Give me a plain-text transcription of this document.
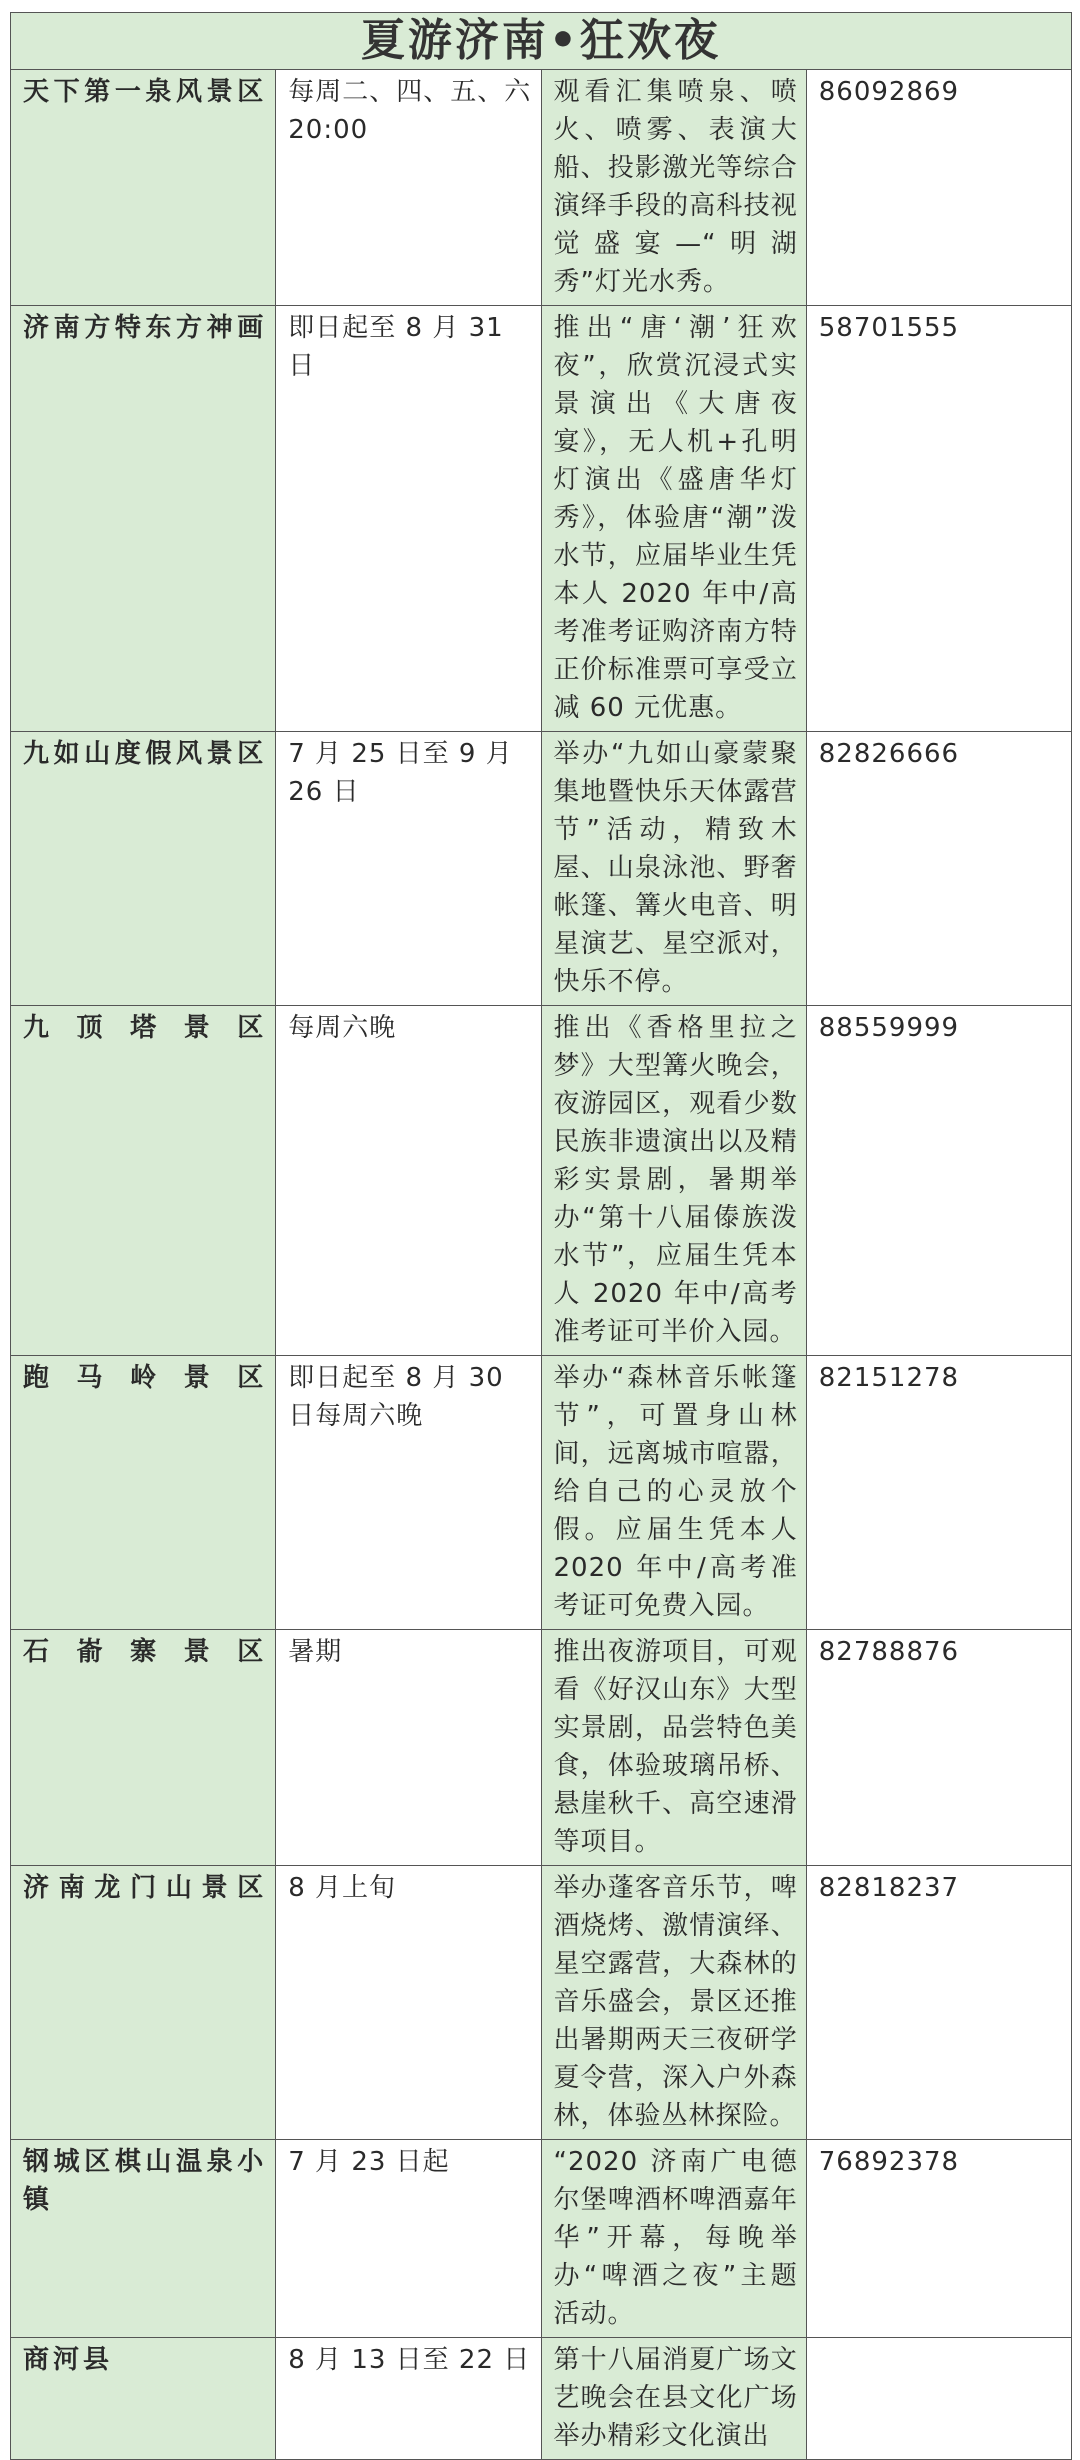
夏游济南•狂欢夜			

天下第一泉风景区	每周二、四、五、六 20:00	观看汇集喷泉、喷火、喷雾、表演大船、投影激光等综合演绎手段的高科技视觉盛宴—“明湖秀”灯光水秀。	86092869

济南方特东方神画	即日起至 8 月 31 日	推出“唐‘潮’狂欢夜”，欣赏沉浸式实景演出《大唐夜宴》，无人机+孔明灯演出《盛唐华灯秀》，体验唐“潮”泼水节，应届毕业生凭本人 2020 年中/高考准考证购济南方特正价标准票可享受立减 60 元优惠。	58701555

九如山度假风景区	7 月 25 日至 9 月 26 日	举办“九如山豪蒙聚集地暨快乐天体露营节”活动，精致木屋、山泉泳池、野奢帐篷、篝火电音、明星演艺、星空派对，快乐不停。	82826666

九顶塔景区	每周六晚	推出《香格里拉之梦》大型篝火晚会，夜游园区，观看少数民族非遗演出以及精彩实景剧，暑期举办“第十八届傣族泼水节”，应届生凭本人 2020 年中/高考准考证可半价入园。	88559999

跑马岭景区	即日起至 8 月 30 日每周六晚	举办“森林音乐帐篷节”，可置身山林间，远离城市喧嚣，给自己的心灵放个假。应届生凭本人 2020 年中/高考准考证可免费入园。	82151278

石嵛寨景区	暑期	推出夜游项目，可观看《好汉山东》大型实景剧，品尝特色美食，体验玻璃吊桥、悬崖秋千、高空速滑等项目。	82788876

济南龙门山景区	8 月上旬	举办蓬客音乐节，啤酒烧烤、激情演绎、星空露营，大森林的音乐盛会，景区还推出暑期两天三夜研学夏令营，深入户外森林，体验丛林探险。	82818237

钢城区棋山温泉小镇	7 月 23 日起	“2020 济南广电德尔堡啤酒杯啤酒嘉年华”开幕，每晚举办“啤酒之夜”主题活动。	76892378

商河县	8 月 13 日至 22 日	第十八届消夏广场文艺晚会在县文化广场举办精彩文化演出	
